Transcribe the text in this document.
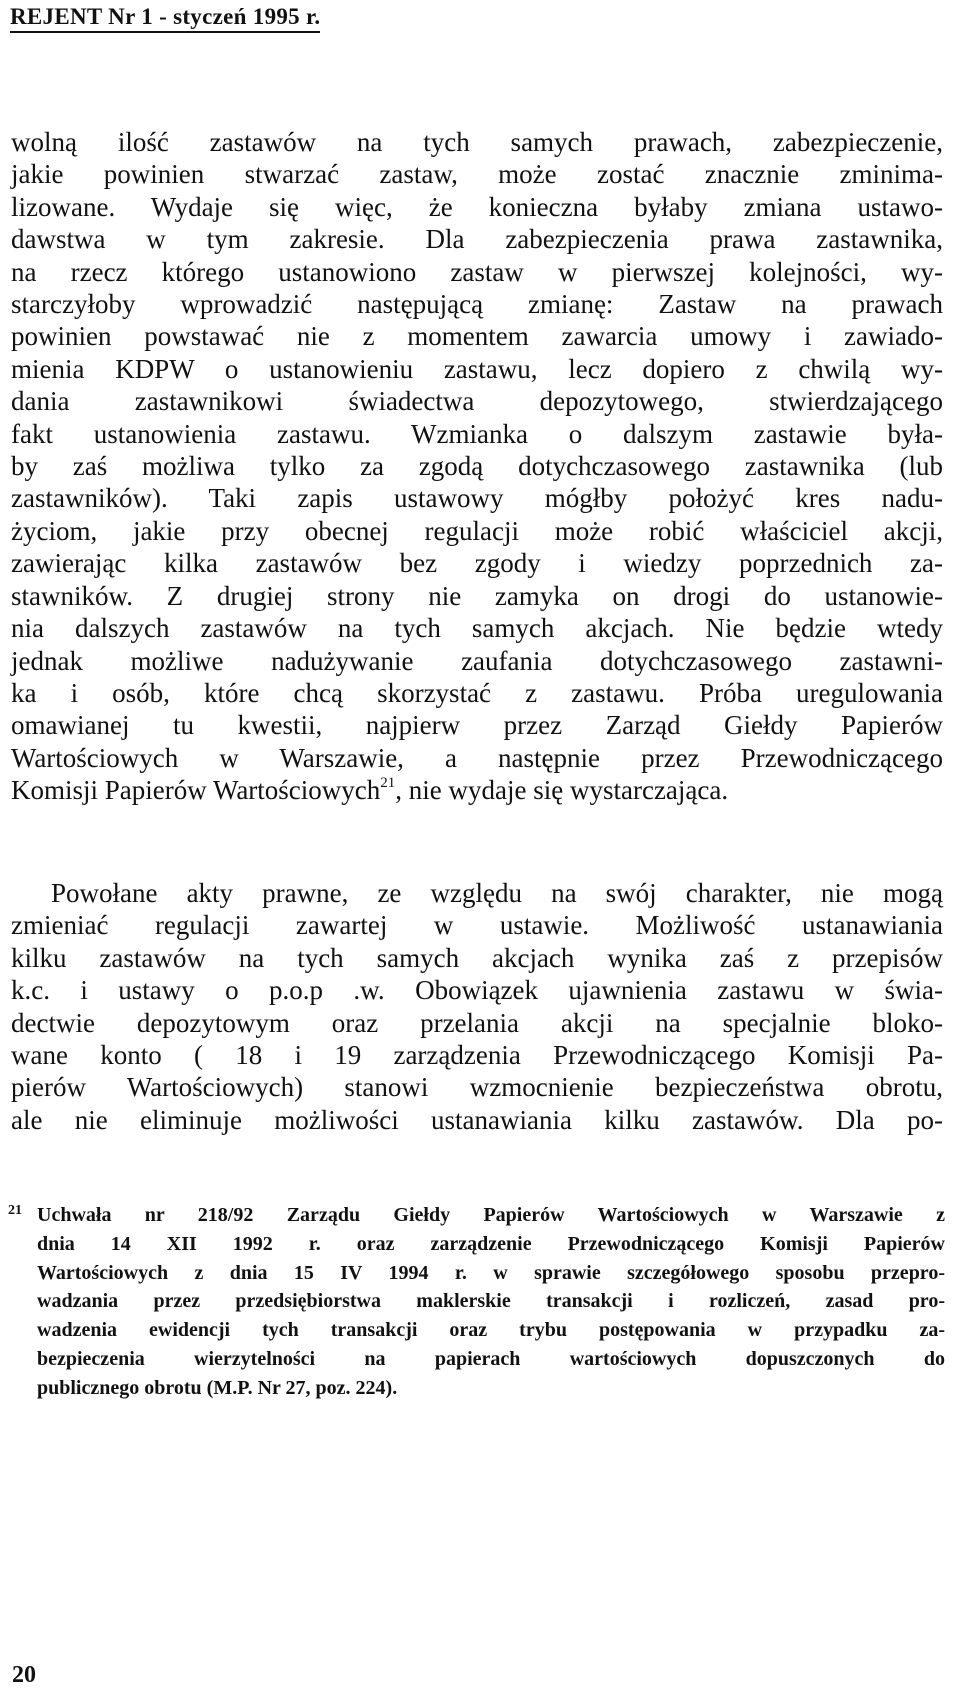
REJENT Nr 1 - styczeń 1995 r.
wolną ilość zastawów na tych samych prawach, zabezpieczenie,
jakie powinien stwarzać zastaw, może zostać znacznie zminima-
lizowane. Wydaje się więc, że konieczna byłaby zmiana ustawo-
dawstwa w tym zakresie. Dla zabezpieczenia prawa zastawnika,
na rzecz którego ustanowiono zastaw w pierwszej kolejności, wy-
starczyłoby wprowadzić następującą zmianę: Zastaw na prawach
powinien powstawać nie z momentem zawarcia umowy i zawiado-
mienia KDPW o ustanowieniu zastawu, lecz dopiero z chwilą wy-
dania zastawnikowi świadectwa depozytowego, stwierdzającego
fakt ustanowienia zastawu. Wzmianka o dalszym zastawie byłа-
by zaś możliwa tylko za zgodą dotychczasowego zastawnika (lub
zastawników). Taki zapis ustawowy mógłby położyć kres nadu-
życiom, jakie przy obecnej regulacji może robić właściciel akcji,
zawierając kilka zastawów bez zgody i wiedzy poprzednich za-
stawników. Z drugiej strony nie zamyka on drogi do ustanowie-
nia dalszych zastawów na tych samych akcjach. Nie będzie wtedy
jednak możliwe nadużywanie zaufania dotychczasowego zastawni-
ka i osób, które chcą skorzystać z zastawu. Próba uregulowania
omawianej tu kwestii, najpierw przez Zarząd Giełdy Papierów
Wartościowych w Warszawie, a następnie przez Przewodniczącego
Komisji Papierów Wartościowych$^{21}$, nie wydaje się wystarczająca.
Powołane akty prawne, ze względu na swój charakter, nie mogą
zmieniać regulacji zawartej w ustawie. Możliwość ustanawiania
kilku zastawów na tych samych akcjach wynika zaś z przepisów
k.c. i ustawy o p.o.p .w. Obowiązek ujawnienia zastawu w świa-
dectwie depozytowym oraz przelania akcji na specjalnie bloko-
wane konto ( 18 i 19 zarządzenia Przewodniczącego Komisji Pa-
pierów Wartościowych) stanowi wzmocnienie bezpieczeństwa obrotu,
ale nie eliminuje możliwości ustanawiania kilku zastawów. Dla po-
21 Uchwała nr 218/92 Zarządu Giełdy Papierów Wartościowych w Warszawie z
dnia 14 XII 1992 r. oraz zarządzenie Przewodniczącego Komisji Papierów
Wartościowych z dnia 15 IV 1994 r. w sprawie szczegółowego sposobu przepro-
wadzania przez przedsiębiorstwa maklerskie transakcji i rozliczeń, zasad pro-
wadzenia ewidencji tych transakcji oraz trybu postępowania w przypadku za-
bezpieczenia wierzytelności na papierach wartościowych dopuszczonych do
publicznego obrotu (M.P. Nr 27, poz. 224).
20
